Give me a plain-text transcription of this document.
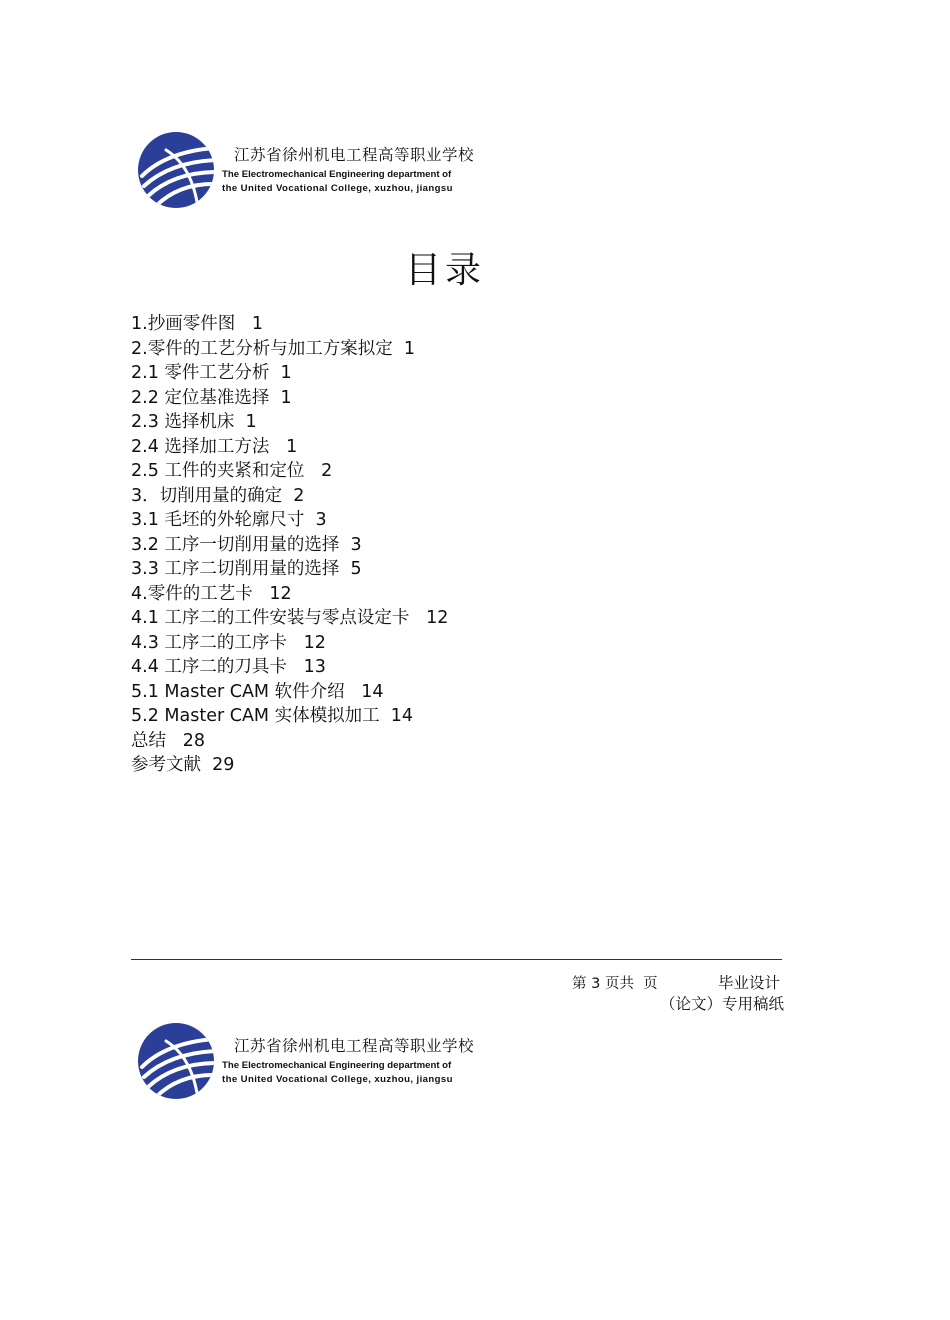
江苏省徐州机电工程高等职业学校
The Electromechanical Engineering department of
the United Vocational College, xuzhou, jiangsu
目录
1.抄画零件图   1
2.零件的工艺分析与加工方案拟定  1
2.1 零件工艺分析  1
2.2 定位基准选择  1
2.3 选择机床  1
2.4 选择加工方法   1
2.5 工件的夹紧和定位   2
3．切削用量的确定  2
3.1 毛坯的外轮廓尺寸  3
3.2 工序一切削用量的选择  3
3.3 工序二切削用量的选择  5
4.零件的工艺卡   12
4.1 工序二的工件安装与零点设定卡   12
4.3 工序二的工序卡   12
4.4 工序二的刀具卡   13
5.1 Master CAM 软件介绍   14
5.2 Master CAM 实体模拟加工  14
总结   28
参考文献  29
第 3 页共  页	毕业设计
（论文）专用稿纸
江苏省徐州机电工程高等职业学校
The Electromechanical Engineering department of
the United Vocational College, xuzhou, jiangsu
